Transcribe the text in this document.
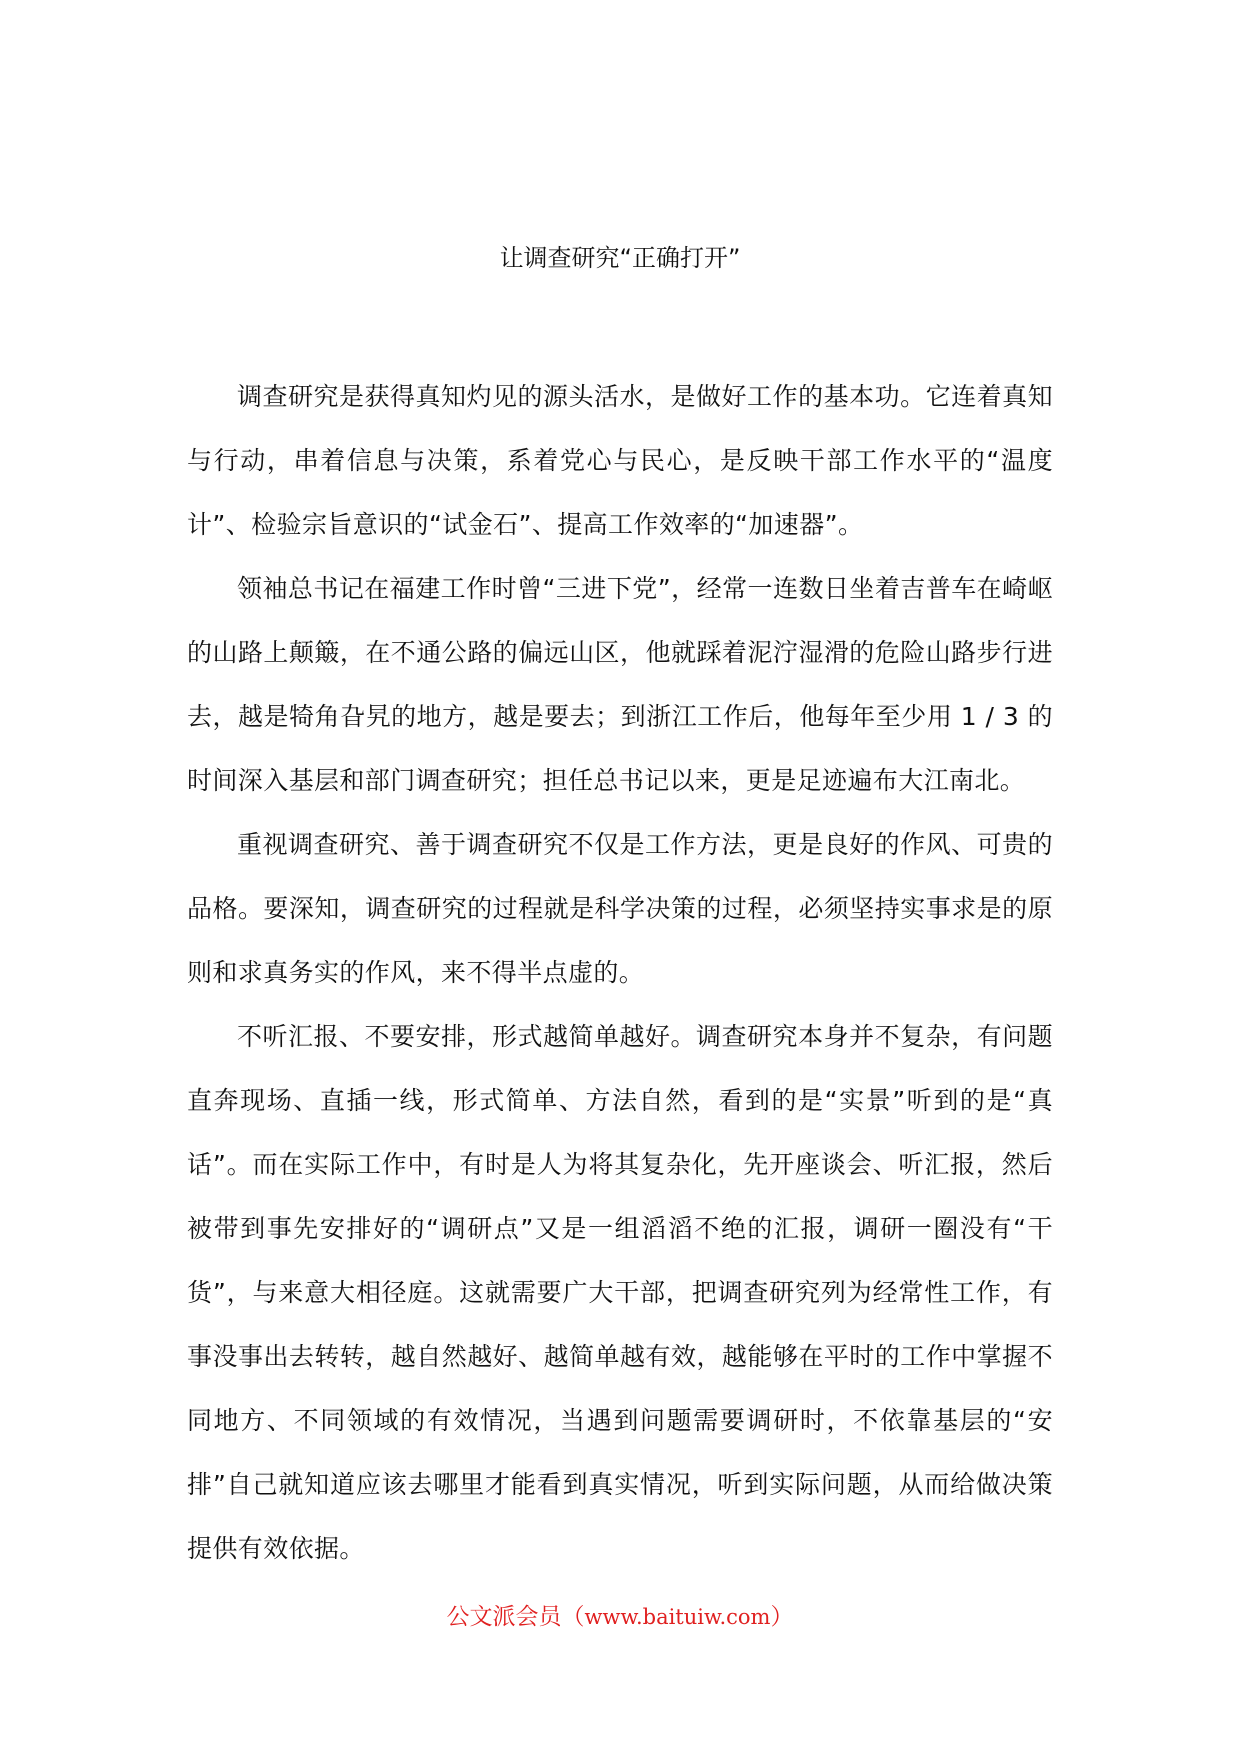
让调查研究“正确打开”

调查研究是获得真知灼见的源头活水，是做好工作的基本功。它连着真知与行动，串着信息与决策，系着党心与民心，是反映干部工作水平的“温度计”、检验宗旨意识的“试金石”、提高工作效率的“加速器”。

领袖总书记在福建工作时曾“三进下党”，经常一连数日坐着吉普车在崎岖的山路上颠簸，在不通公路的偏远山区，他就踩着泥泞湿滑的危险山路步行进去，越是犄角旮旯的地方，越是要去；到浙江工作后，他每年至少用 1 / 3 的时间深入基层和部门调查研究；担任总书记以来，更是足迹遍布大江南北。

重视调查研究、善于调查研究不仅是工作方法，更是良好的作风、可贵的品格。要深知，调查研究的过程就是科学决策的过程，必须坚持实事求是的原则和求真务实的作风，来不得半点虚的。

不听汇报、不要安排，形式越简单越好。调查研究本身并不复杂，有问题直奔现场、直插一线，形式简单、方法自然，看到的是“实景”听到的是“真话”。而在实际工作中，有时是人为将其复杂化，先开座谈会、听汇报，然后被带到事先安排好的“调研点”又是一组滔滔不绝的汇报，调研一圈没有“干货”，与来意大相径庭。这就需要广大干部，把调查研究列为经常性工作，有事没事出去转转，越自然越好、越简单越有效，越能够在平时的工作中掌握不同地方、不同领域的有效情况，当遇到问题需要调研时，不依靠基层的“安排”自己就知道应该去哪里才能看到真实情况，听到实际问题，从而给做决策提供有效依据。

公文派会员（www.baituiw.com）
